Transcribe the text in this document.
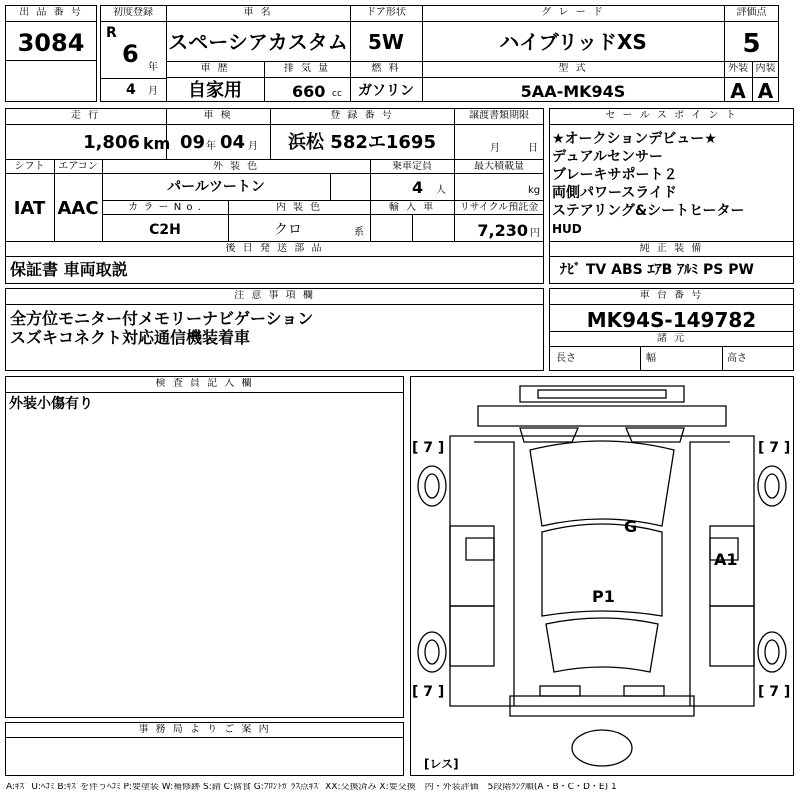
出 品 番 号
3084
初度登録
R
6 年
4 月
車 名
スペーシアカスタム
ドア形状
5W
グ レ ー ド
ハイブリッドXS
評価点
5
車 歴
自家用
排 気 量
660 cc
燃 料
ガソリン
型 式
5AA-MK94S
外装 内装
A A
走 行
1,806 km
車 検
09 年 04 月
登 録 番 号
浜松 582エ1695
譲渡書類期限
月	日
シフト
IAT
エアコン
AAC
外 装 色
パールツートン
乗車定員
4 人
最大積載量
kg
カ ラ ー N o .
C2H
内 装 色
クロ	系
輸 入 車	リサイクル預託金
7,230 円
後 日 発 送 部 品
保証書 車両取説
セ ー ル ス ポ イ ン ト
★オークションデビュー★
デュアルセンサー
ブレーキサポート２
両側パワースライド
ステアリング&シートヒーター
HUD
純 正 装 備
ﾅﾋﾞ TV ABS ｴｱB ｱﾙﾐ PS PW
注 意 事 項 欄
全方位モニター付メモリーナビゲーション
スズキコネクト対応通信機装着車
車 台 番 号
MK94S-149782
諸 元
長さ	幅	高さ
検 査 員 記 入 欄
外装小傷有り
事 務 局 よ り ご 案 内
[ 7 ]	[ 7 ]
[ 7 ]	[ 7 ]
[レス]
G
A1
P1
A:ｷｽﾞ U:ﾍｺﾐ B:ｷｽﾞを伴うﾍｺﾐ P:要塗装 W:補修跡 S:錆 C:腐食 G:ﾌﾛﾝﾄｶﾞﾗｽ点ｷｽﾞ XX:交換済み X:要交換　内・外装評価　5段階ﾗﾝｸ順(A・B・C・D・E) 1
